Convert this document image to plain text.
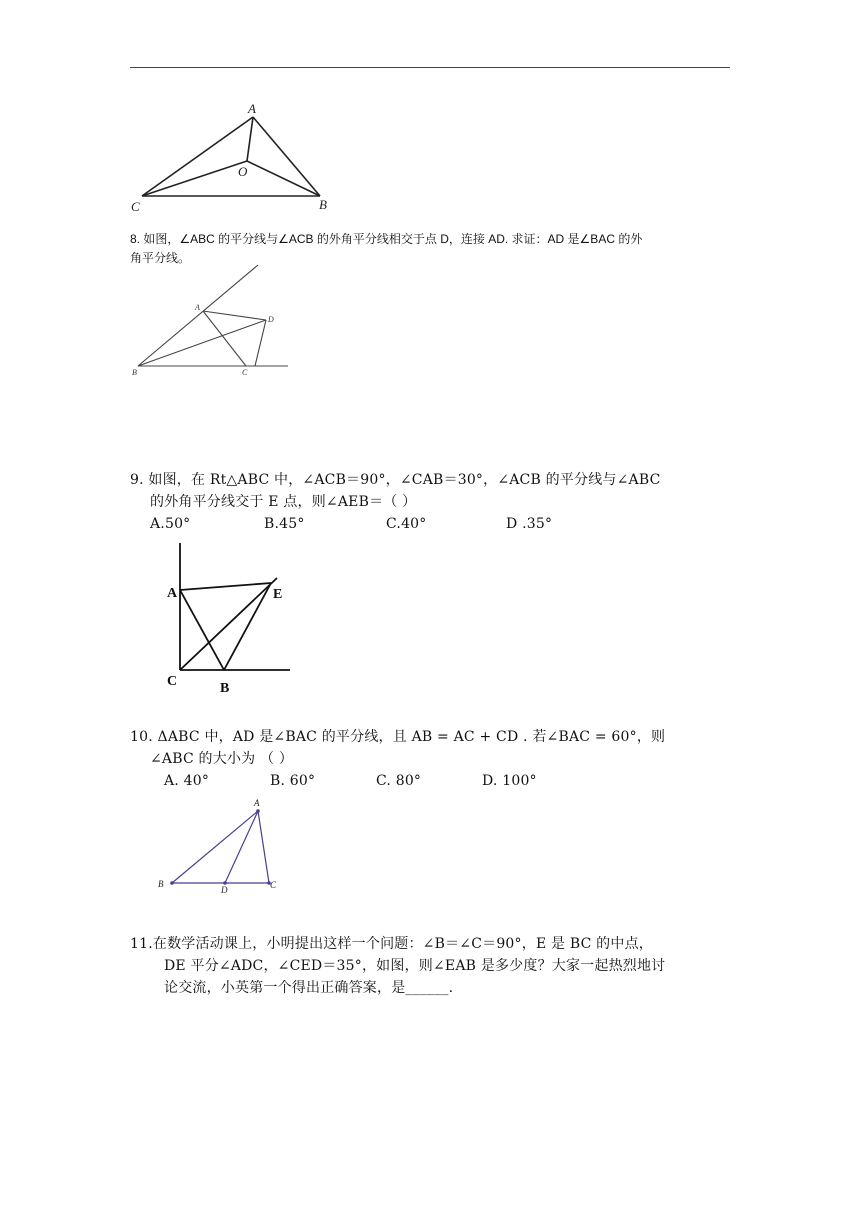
A
O
C	B
8. 如图，∠ABC 的平分线与∠ACB 的外角平分线相交于点 D，连接 AD. 求证：AD 是∠BAC 的外
角平分线。
A
D
B	C
9. 如图，在 Rt△ABC 中，∠ACB＝90°，∠CAB＝30°，∠ACB 的平分线与∠ABC
的外角平分线交于 E 点，则∠AEB＝（ ）
A.50°	B.45°	C.40°	D .35°
A	E
C	B
10. ΔABC 中，AD 是∠BAC 的平分线，且 AB = AC + CD . 若∠BAC = 60°，则
∠ABC 的大小为 （ ）
A. 40°	B. 60°	C. 80°	D. 100°
A
B
D	C
11.在数学活动课上，小明提出这样一个问题：∠B＝∠C＝90°，E 是 BC 的中点，
DE 平分∠ADC，∠CED＝35°，如图，则∠EAB 是多少度？大家一起热烈地讨
论交流，小英第一个得出正确答案，是______.
